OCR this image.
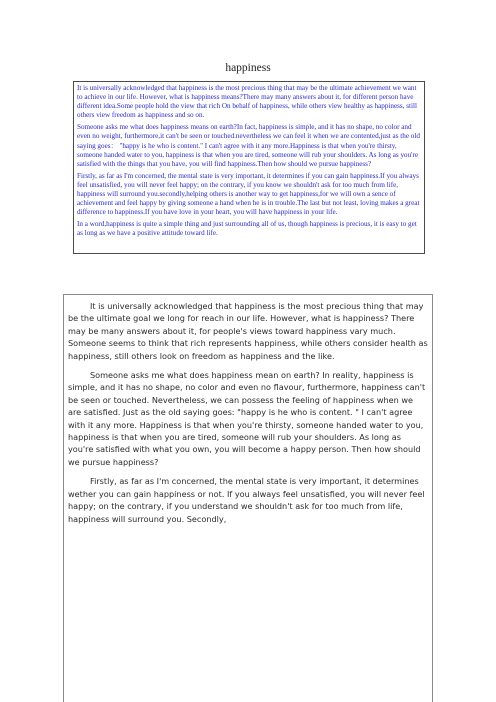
happiness

It is universally acknowledged that happiness is the most precious thing that may be the ultimate achievement we want to achieve in our life. However, what is happiness means?There may many answers about it, for different person have different idea.Some people hold the view that rich On behalf of happiness, while others view healthy as happiness, still others view freedom as happiness and so on.

Someone asks me what does happiness means on earth?In fact, happiness is simple, and it has no shape, no color and even no weight, furthermore,it can't be seen or touched.nevertheless we can feel it when we are contented,just as the old saying goes： "happy is he who is content." I can't agree with it any more.Happiness is that when you're thirsty, someone handed water to you, happiness is that when you are tired, someone will rub your shoulders. As long as you're satisfied with the things that you have, you will find happiness.Then how should we pursue happiness?

Firstly, as far as I'm concerned, the mental state is very important, it determines if you can gain happiness.If you always feel unsatisfied, you will never feel happy; on the contrary, if you know we shouldn't ask for too much from life, happiness will surround you.secondly,helping others is another way to get happiness,for we will own a sence of achievement and feel happy by giving someone a hand when he is in trouble.The last but not least, loving makes a great difference to happiness.If you have love in your heart, you will have happiness in your life.

In a word,happiness is quite a simple thing and just surrounding all of us, though happiness is precious, it is easy to get as long as we have a positive attitude toward life.

It is universally acknowledged that happiness is the most precious thing that may be the ultimate goal we long for reach in our life. However, what is happiness? There may be many answers about it, for people's views toward happiness vary much. Someone seems to think that rich represents happiness, while others consider health as happiness, still others look on freedom as happiness and the like.

Someone asks me what does happiness mean on earth? In reality, happiness is simple, and it has no shape, no color and even no flavour, furthermore, happiness can't be seen or touched. Nevertheless, we can possess the feeling of happiness when we are satisfied. Just as the old saying goes: "happy is he who is content. " I can't agree with it any more. Happiness is that when you're thirsty, someone handed water to you, happiness is that when you are tired, someone will rub your shoulders. As long as you're satisfied with what you own, you will become a happy person. Then how should we pursue happiness?

Firstly, as far as I'm concerned, the mental state is very important, it determines wether you can gain happiness or not. If you always feel unsatisfied, you will never feel happy; on the contrary, if you understand we shouldn't ask for too much from life, happiness will surround you. Secondly,
